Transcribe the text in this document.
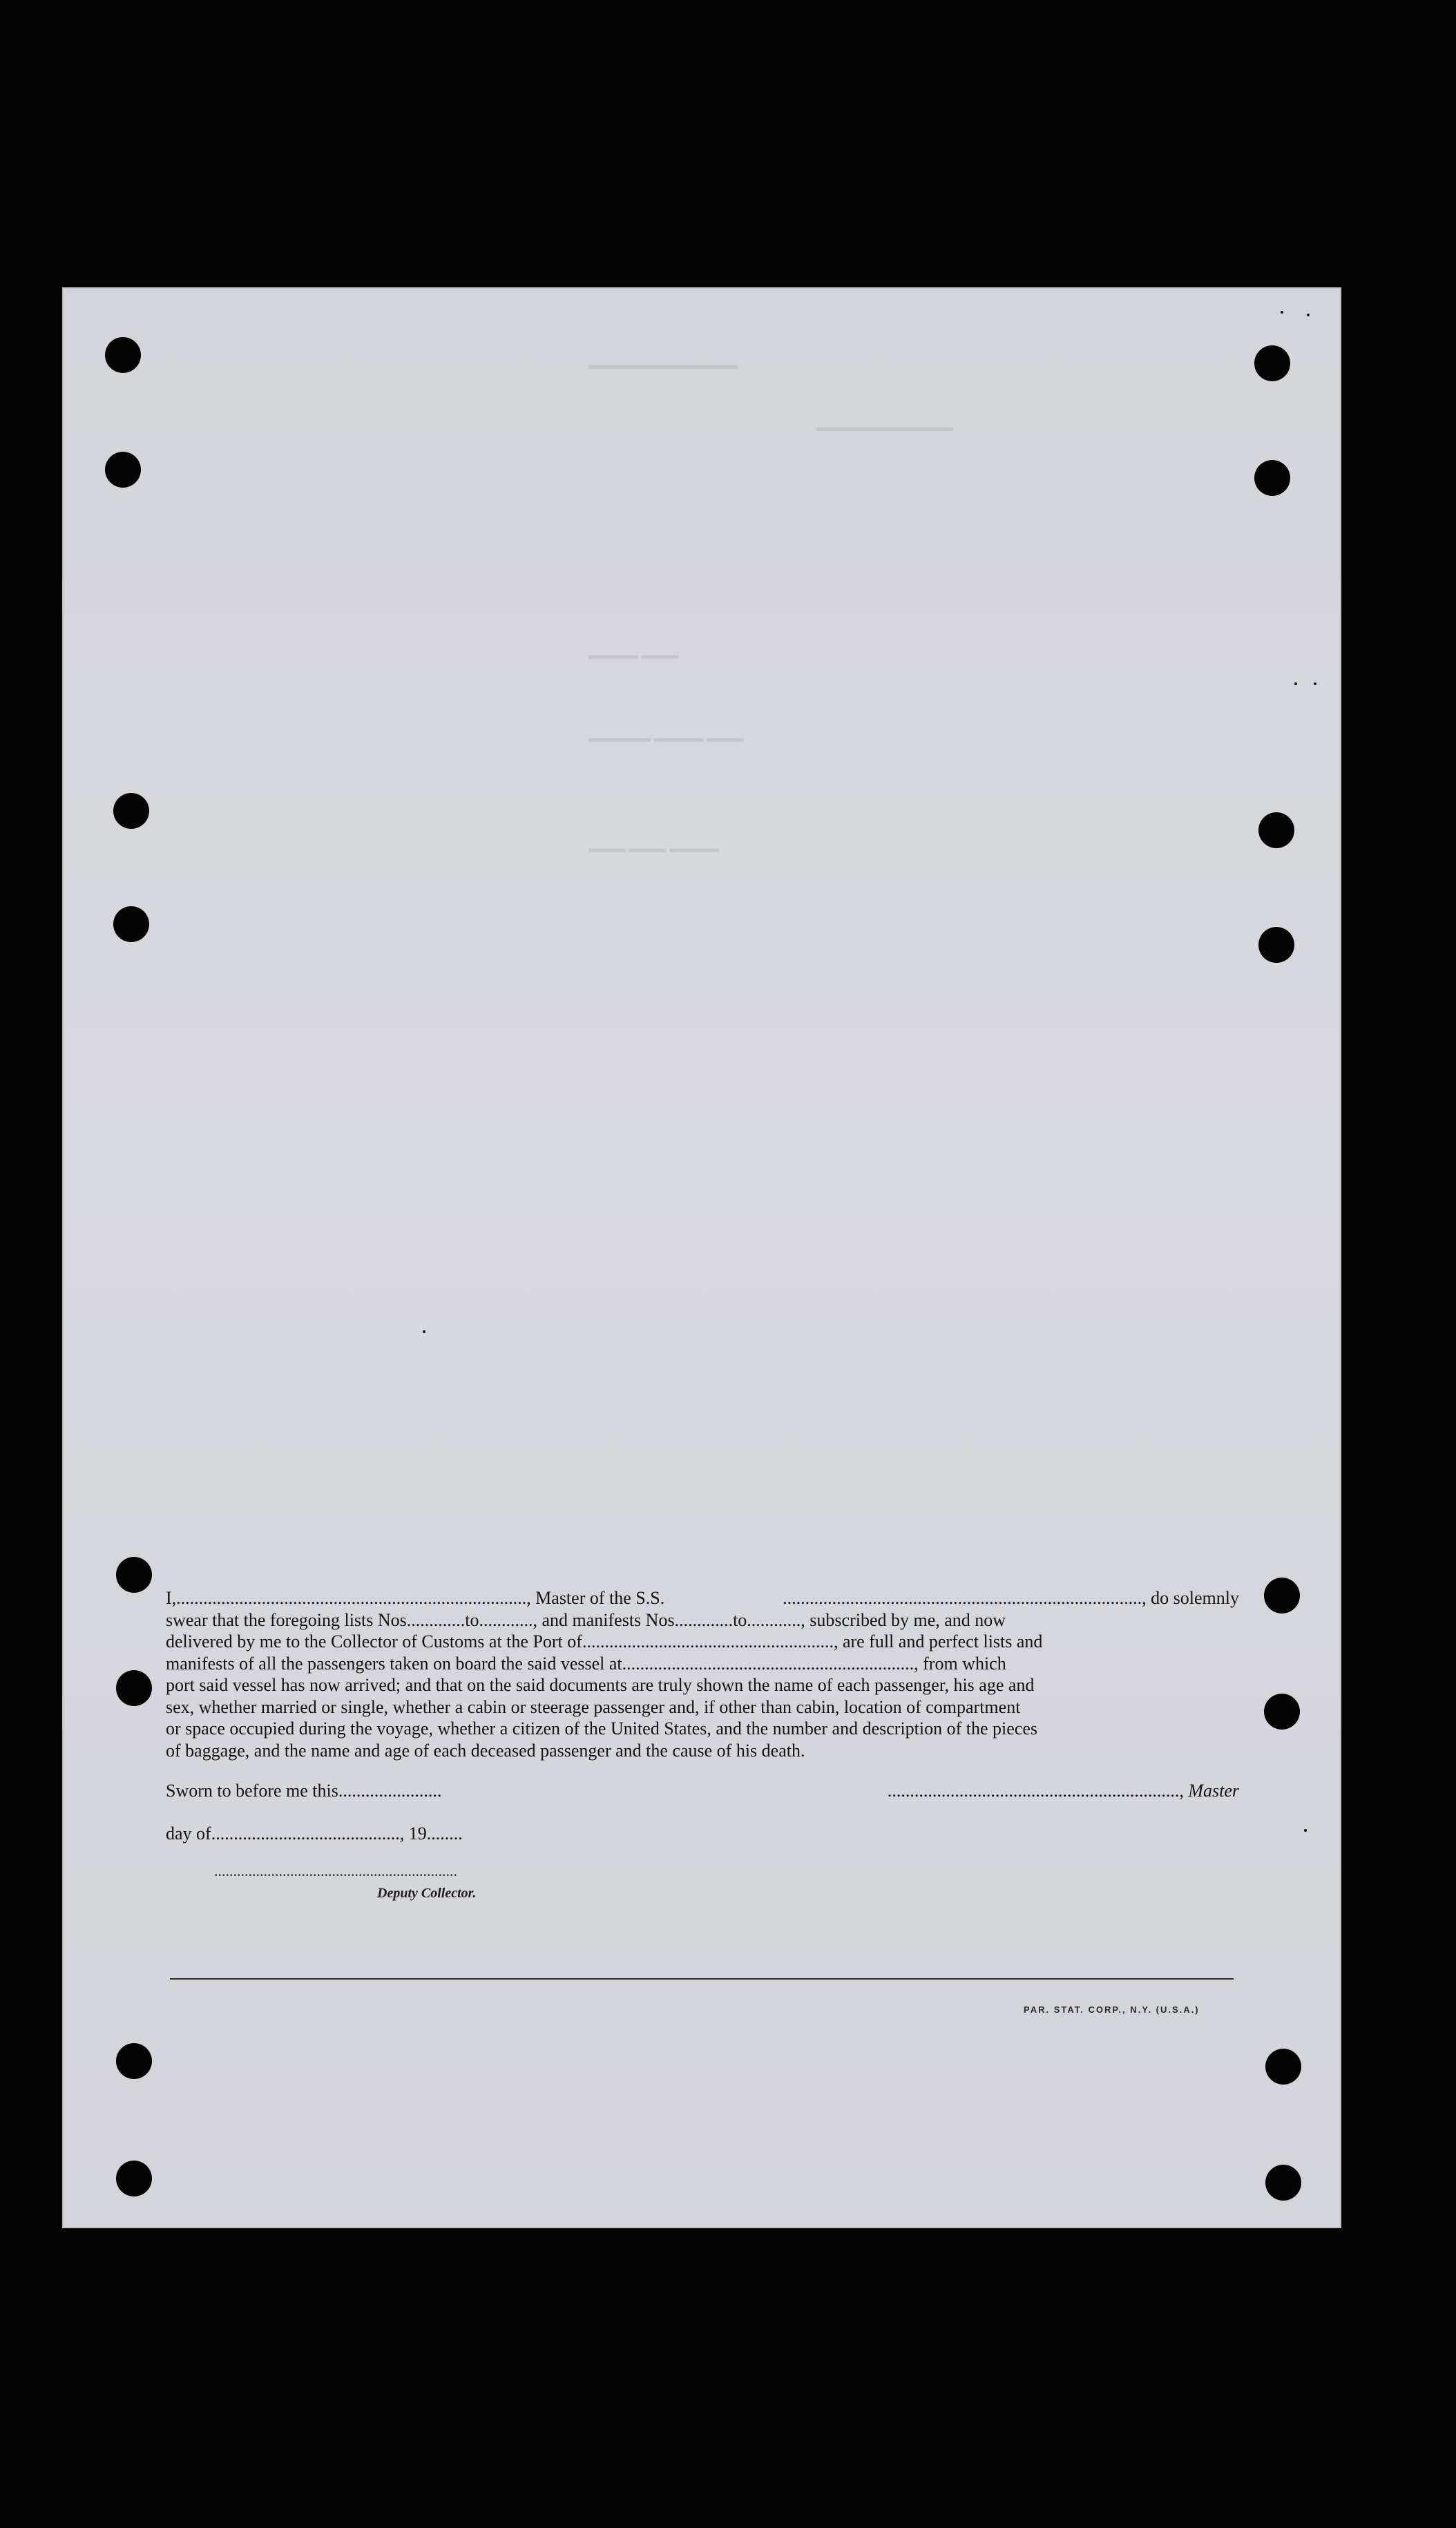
▬▬▬▬▬▬▬▬▬▬▬▬
▬▬▬▬▬▬▬▬▬▬▬
▬▬▬▬ ▬▬▬
▬▬▬▬▬ ▬▬▬▬ ▬▬▬
▬▬▬ ▬▬▬ ▬▬▬▬
I,.............................................................................., Master of the S.S.	................................................................................, do solemnly
swear that the foregoing lists Nos.............to............, and manifests Nos.............to............, subscribed by me, and now
delivered by me to the Collector of Customs at the Port of........................................................, are full and perfect lists and
manifests of all the passengers taken on board the said vessel at................................................................., from which
port said vessel has now arrived; and that on the said documents are truly shown the name of each passenger, his age and
sex, whether married or single, whether a cabin or steerage passenger and, if other than cabin, location of compartment
or space occupied during the voyage, whether a citizen of the United States, and the number and description of the pieces
of baggage, and the name and age of each deceased passenger and the cause of his death.
Sworn to before me this.......................	................................................................., Master
day of.........................................., 19........
................................................................
Deputy Collector.
PAR. STAT. CORP., N.Y. (U.S.A.)
